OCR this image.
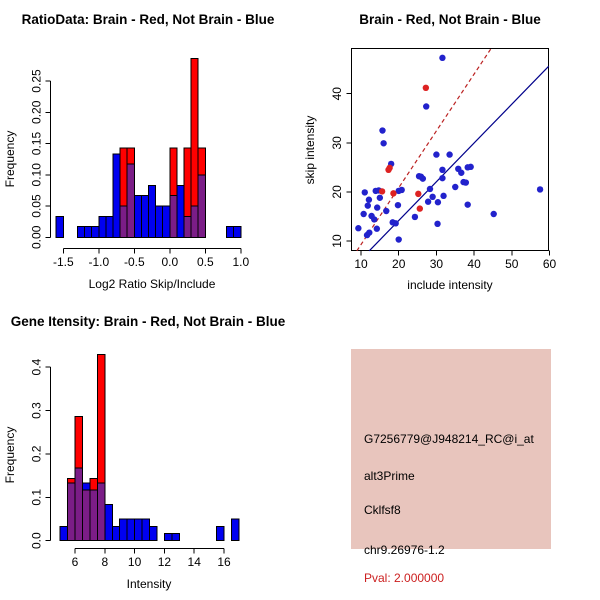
RatioData: Brain - Red, Not Brain - Blue
Log2 Ratio Skip/Include
Frequency
0.00
0.05
0.10
0.15
0.20
0.25
-1.5 -1.0 -0.5 0.0 0.5 1.0
Brain - Red, Not Brain - Blue
include intensity
skip intensity
10 20 30 40 50 60
10
20
30
40
Gene Itensity: Brain - Red, Not Brain - Blue
Intensity
Frequency
0.0
0.1
0.2
0.3
0.4
6 8 10 12 14 16
G7256779@J948214_RC@i_at
alt3Prime
Cklfsf8
chr9.26976-1.2
Pval: 2.000000
